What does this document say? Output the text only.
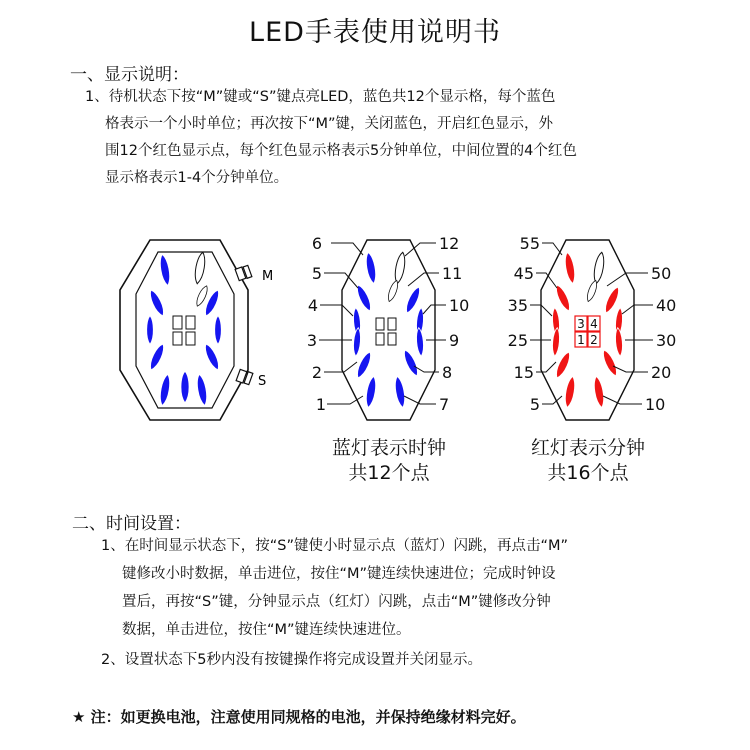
LED手表使用说明书
一、显示说明：
1、待机状态下按“M”键或“S”键点亮LED，蓝色共12个显示格，每个蓝色
格表示一个小时单位；再次按下“M”键，关闭蓝色，开启红色显示，外
围12个红色显示点，每个红色显示格表示5分钟单位，中间位置的4个红色
显示格表示1-4个分钟单位。
M
S
6
5
4
3
2
1
12
11
10
9
8
7
3 4
1 2
55
45
35
25
15
5
50
40
30
20
10
蓝灯表示时钟
共12个点
红灯表示分钟
共16个点
二、时间设置：
1、在时间显示状态下，按“S”键使小时显示点（蓝灯）闪跳，再点击“M”
键修改小时数据，单击进位，按住“M”键连续快速进位；完成时钟设
置后，再按“S”键，分钟显示点（红灯）闪跳，点击“M”键修改分钟
数据，单击进位，按住“M”键连续快速进位。
2、设置状态下5秒内没有按键操作将完成设置并关闭显示。
★ 注：如更换电池，注意使用同规格的电池，并保持绝缘材料完好。
